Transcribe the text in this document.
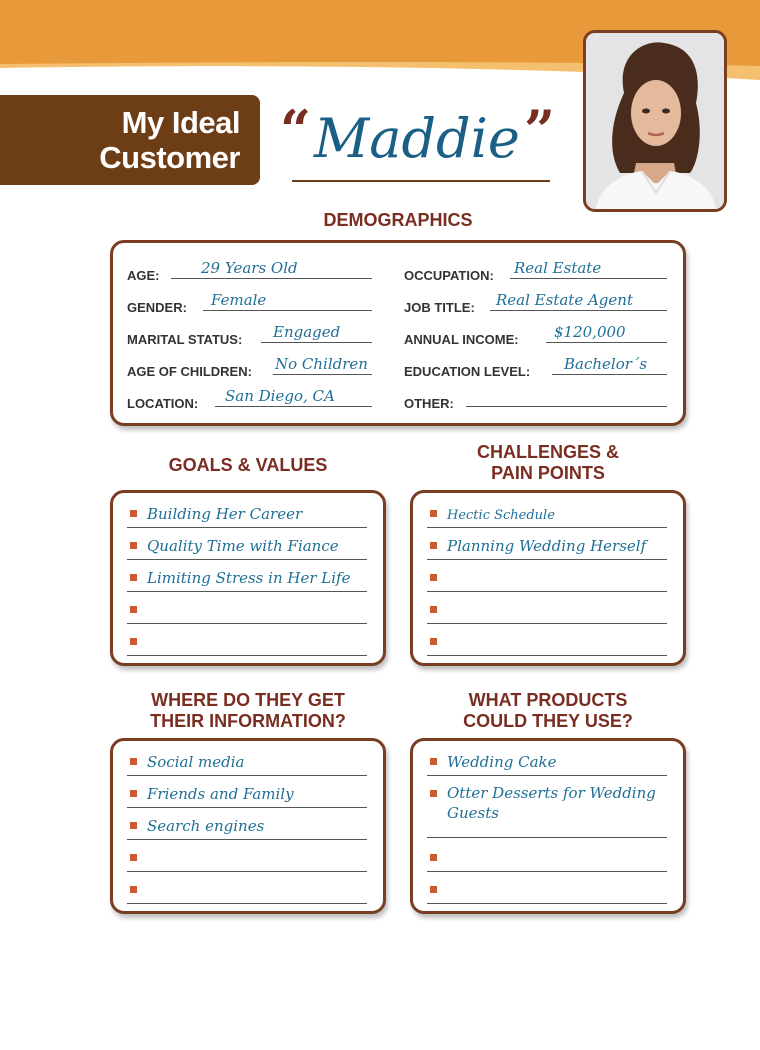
My Ideal
Customer “ Maddie ”
DEMOGRAPHICS
AGE:	29 Years Old
GENDER: Female
MARITAL STATUS: Engaged
AGE OF CHILDREN: No Children
LOCATION: San Diego, CA
OCCUPATION: Real Estate
JOB TITLE: Real Estate Agent
ANNUAL INCOME: $120,000
EDUCATION LEVEL: Bachelor´s
OTHER:
GOALS & VALUES
Building Her Career
Quality Time with Fiance
Limiting Stress in Her Life
CHALLENGES &
PAIN POINTS
Hectic Schedule
Planning Wedding Herself
WHERE DO THEY GET
THEIR INFORMATION?
Social media
Friends and Family
Search engines
WHAT PRODUCTS
COULD THEY USE?
Wedding Cake
Otter Desserts for Wedding Guests
